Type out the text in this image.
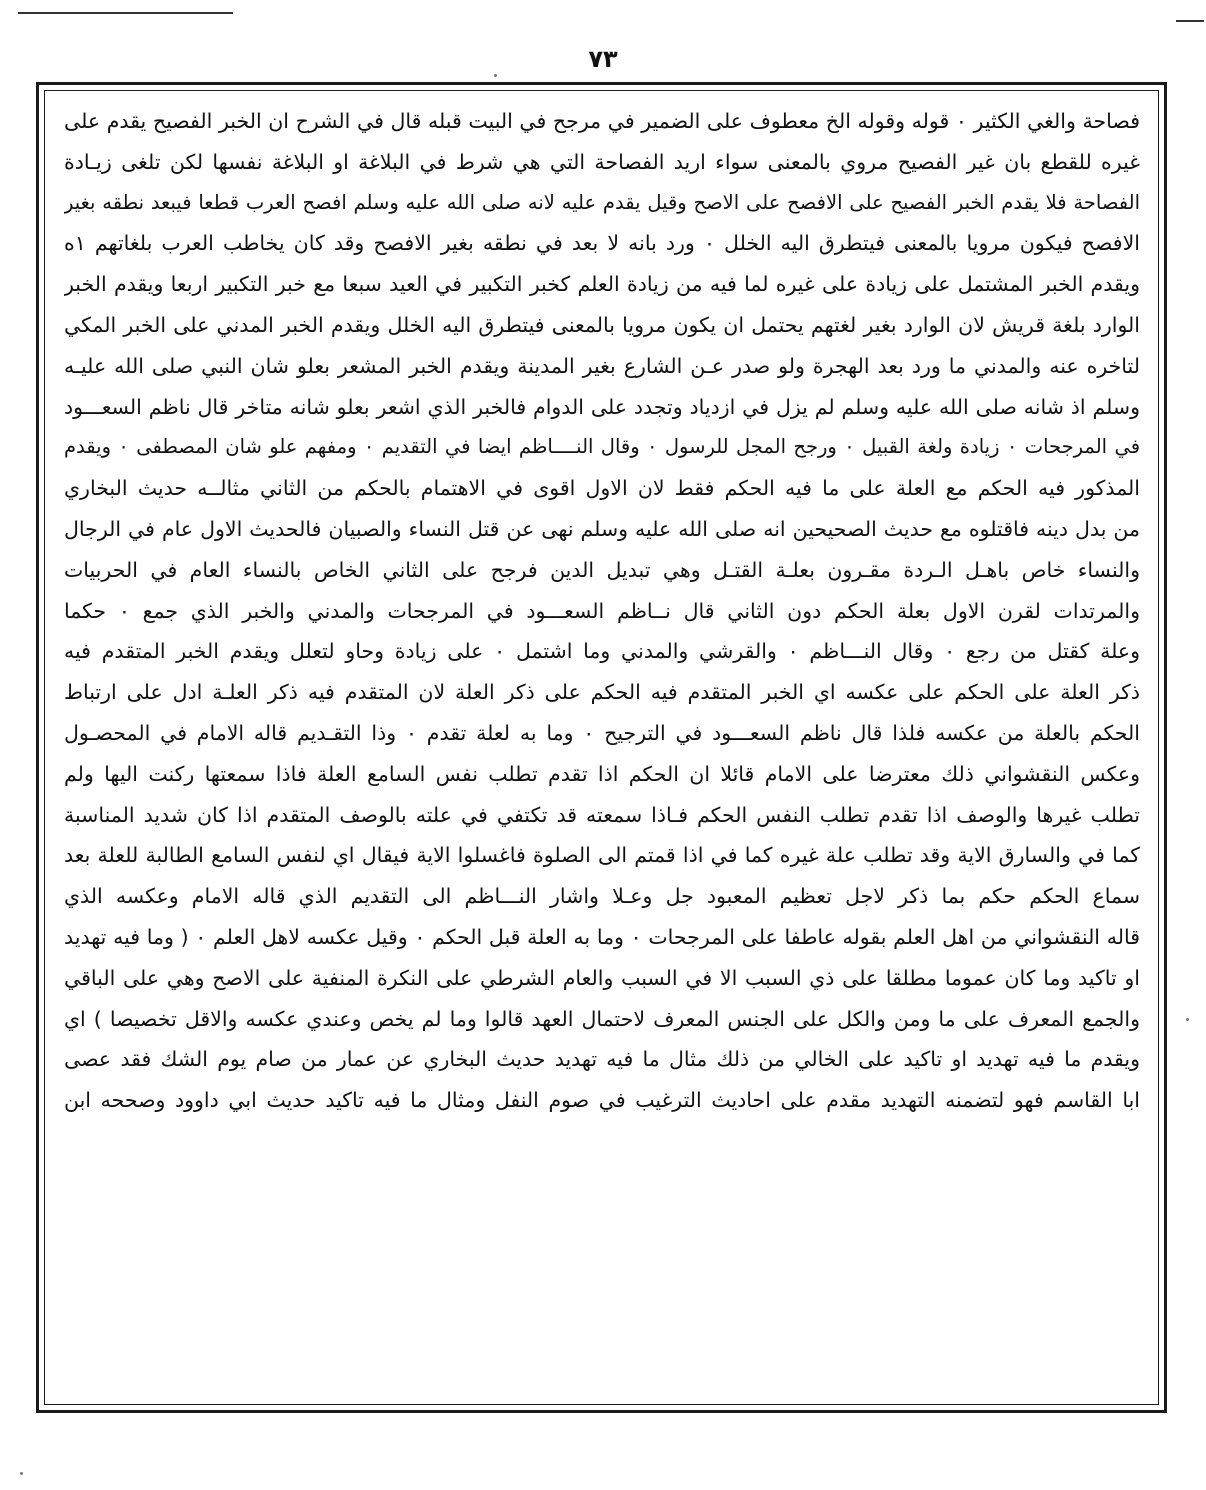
٧٣
فصاحة والغي الكثير ٠ قوله وقوله الخ معطوف على الضمير في مرجح في البيت قبله قال في الشرح ان الخبر الفصيح يقدم على
غيره للقطع بان غير الفصيح مروي بالمعنى سواء اريد الفصاحة التي هي شرط في البلاغة او البلاغة نفسها لكن تلغى زيـادة
الفصاحة فلا يقدم الخبر الفصيح على الافصح على الاصح وقيل يقدم عليه لانه صلى الله عليه وسلم افصح العرب قطعا فيبعد نطقه بغير
الافصح فيكون مرويا بالمعنى فيتطرق اليه الخلل ٠ ورد بانه لا بعد في نطقه بغير الافصح وقد كان يخاطب العرب بلغاتهم ١ه
ويقدم الخبر المشتمل على زيادة على غيره لما فيه من زيادة العلم كخبر التكبير في العيد سبعا مع خبر التكبير اربعا ويقدم الخبر
الوارد بلغة قريش لان الوارد بغير لغتهم يحتمل ان يكون مرويا بالمعنى فيتطرق اليه الخلل ويقدم الخبر المدني على الخبر المكي
لتاخره عنه والمدني ما ورد بعد الهجرة ولو صدر عـن الشارع بغير المدينة ويقدم الخبر المشعر بعلو شان النبي صلى الله عليـه
وسلم اذ شانه صلى الله عليه وسلم لم يزل في ازدياد وتجدد على الدوام فالخبر الذي اشعر بعلو شانه متاخر قال ناظم السعـــود
في المرجحات ٠ زيادة ولغة القبيل ٠ ورجح المجل للرسول ٠ وقال النــــاظم ايضا في التقديم ٠ ومفهم علو شان المصطفى ٠ ويقدم
المذكور فيه الحكم مع العلة على ما فيه الحكم فقط لان الاول اقوى في الاهتمام بالحكم من الثاني مثالــه حديث البخاري
من بدل دينه فاقتلوه مع حديث الصحيحين انه صلى الله عليه وسلم نهى عن قتل النساء والصبيان فالحديث الاول عام في الرجال
والنساء خاص باهـل الـردة مقـرون بعلـة القتـل وهي تبديل الدين فرجح على الثاني الخاص بالنساء العام في الحربيات
والمرتدات لقرن الاول بعلة الحكم دون الثاني قال نــاظم السعـــود في المرجحات والمدني والخبر الذي جمع ٠ حكما
وعلة كقتل من رجع ٠ وقال النـــاظم ٠ والقرشي والمدني وما اشتمل ٠ على زيادة وحاو لتعلل ويقدم الخبر المتقدم فيه
ذكر العلة على الحكم على عكسه اي الخبر المتقدم فيه الحكم على ذكر العلة لان المتقدم فيه ذكر العلـة ادل على ارتباط
الحكم بالعلة من عكسه فلذا قال ناظم السعـــود في الترجيح ٠ وما به لعلة تقدم ٠ وذا التقـديم قاله الامام في المحصـول
وعكس النقشواني ذلك معترضا على الامام قائلا ان الحكم اذا تقدم تطلب نفس السامع العلة فاذا سمعتها ركنت اليها ولم
تطلب غيرها والوصف اذا تقدم تطلب النفس الحكم فـاذا سمعته قد تكتفي في علته بالوصف المتقدم اذا كان شديد المناسبة
كما في والسارق الاية وقد تطلب علة غيره كما في اذا قمتم الى الصلوة فاغسلوا الاية فيقال اي لنفس السامع الطالبة للعلة بعد
سماع الحكم حكم بما ذكر لاجل تعظيم المعبود جل وعـلا واشار النـــاظم الى التقديم الذي قاله الامام وعكسه الذي
قاله النقشواني من اهل العلم بقوله عاطفا على المرجحات ٠ وما به العلة قبل الحكم ٠ وقيل عكسه لاهل العلم ٠ ( وما فيه تهديد
او تاكيد وما كان عموما مطلقا على ذي السبب الا في السبب والعام الشرطي على النكرة المنفية على الاصح وهي على الباقي
والجمع المعرف على ما ومن والكل على الجنس المعرف لاحتمال العهد قالوا وما لم يخص وعندي عكسه والاقل تخصيصا ) اي
ويقدم ما فيه تهديد او تاكيد على الخالي من ذلك مثال ما فيه تهديد حديث البخاري عن عمار من صام يوم الشك فقد عصى
ابا القاسم فهو لتضمنه التهديد مقدم على احاديث الترغيب في صوم النفل ومثال ما فيه تاكيد حديث ابي داوود وصححه ابن
